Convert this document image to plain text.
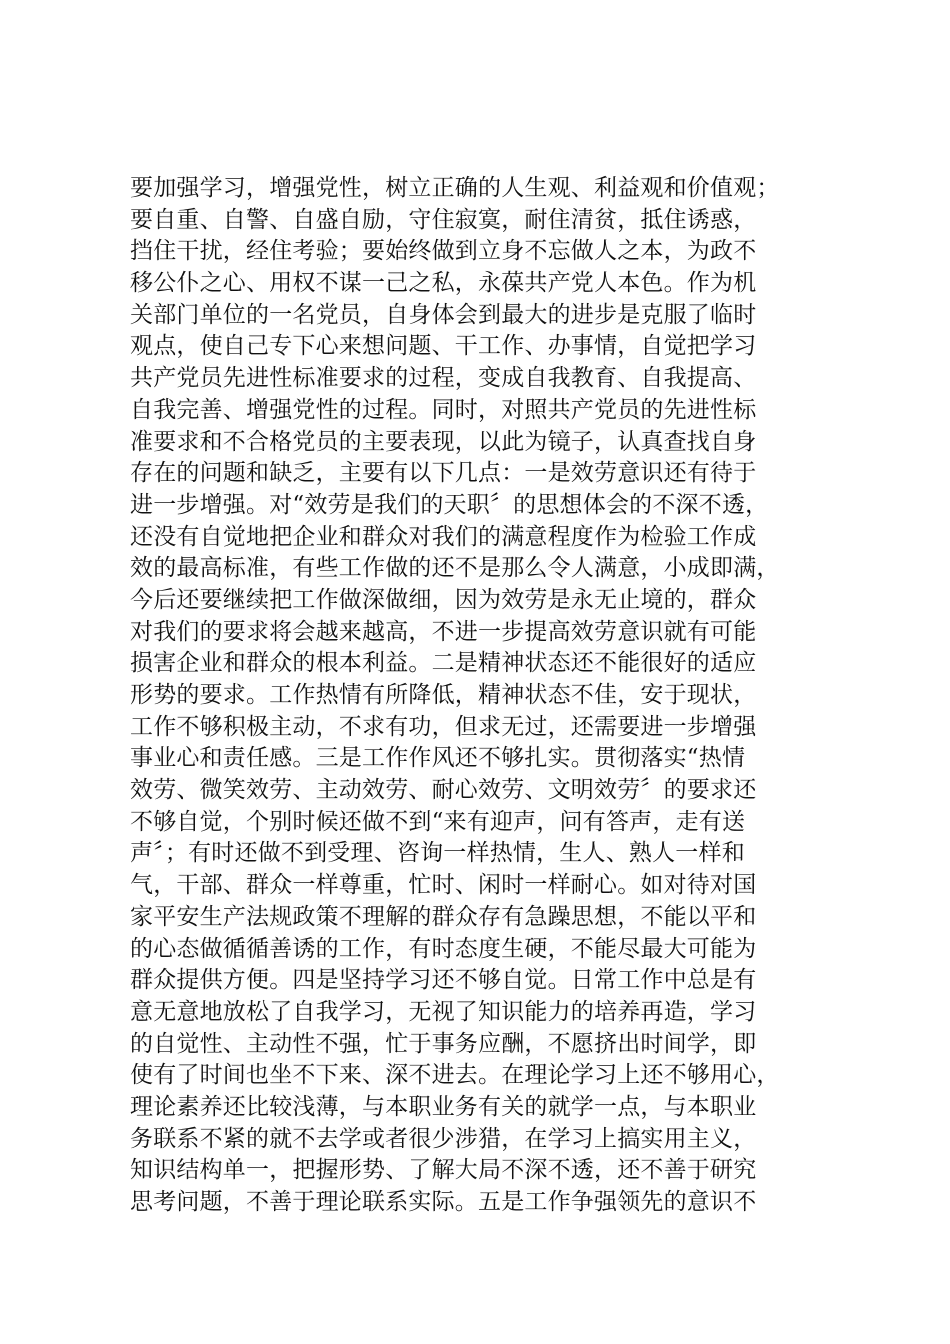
要加强学习，增强党性，树立正确的人生观、利益观和价值观；
要自重、自警、自盛自励，守住寂寞，耐住清贫，抵住诱惑，
挡住干扰，经住考验；要始终做到立身不忘做人之本，为政不
移公仆之心、用权不谋一己之私，永葆共产党人本色。作为机
关部门单位的一名党员，自身体会到最大的进步是克服了临时
观点，使自己专下心来想问题、干工作、办事情，自觉把学习
共产党员先进性标准要求的过程，变成自我教育、自我提高、
自我完善、增强党性的过程。同时，对照共产党员的先进性标
准要求和不合格党员的主要表现，以此为镜子，认真查找自身
存在的问题和缺乏，主要有以下几点：一是效劳意识还有待于
进一步增强。对“效劳是我们的天职〞的思想体会的不深不透，
还没有自觉地把企业和群众对我们的满意程度作为检验工作成
效的最高标准，有些工作做的还不是那么令人满意，小成即满，
今后还要继续把工作做深做细，因为效劳是永无止境的，群众
对我们的要求将会越来越高，不进一步提高效劳意识就有可能
损害企业和群众的根本利益。二是精神状态还不能很好的适应
形势的要求。工作热情有所降低，精神状态不佳，安于现状，
工作不够积极主动，不求有功，但求无过，还需要进一步增强
事业心和责任感。三是工作作风还不够扎实。贯彻落实“热情
效劳、微笑效劳、主动效劳、耐心效劳、文明效劳〞的要求还
不够自觉，个别时候还做不到“来有迎声，问有答声，走有送
声〞；有时还做不到受理、咨询一样热情，生人、熟人一样和
气，干部、群众一样尊重，忙时、闲时一样耐心。如对待对国
家平安生产法规政策不理解的群众存有急躁思想，不能以平和
的心态做循循善诱的工作，有时态度生硬，不能尽最大可能为
群众提供方便。四是坚持学习还不够自觉。日常工作中总是有
意无意地放松了自我学习，无视了知识能力的培养再造，学习
的自觉性、主动性不强，忙于事务应酬，不愿挤出时间学，即
使有了时间也坐不下来、深不进去。在理论学习上还不够用心，
理论素养还比较浅薄，与本职业务有关的就学一点，与本职业
务联系不紧的就不去学或者很少涉猎，在学习上搞实用主义，
知识结构单一，把握形势、了解大局不深不透，还不善于研究
思考问题，不善于理论联系实际。五是工作争强领先的意识不
